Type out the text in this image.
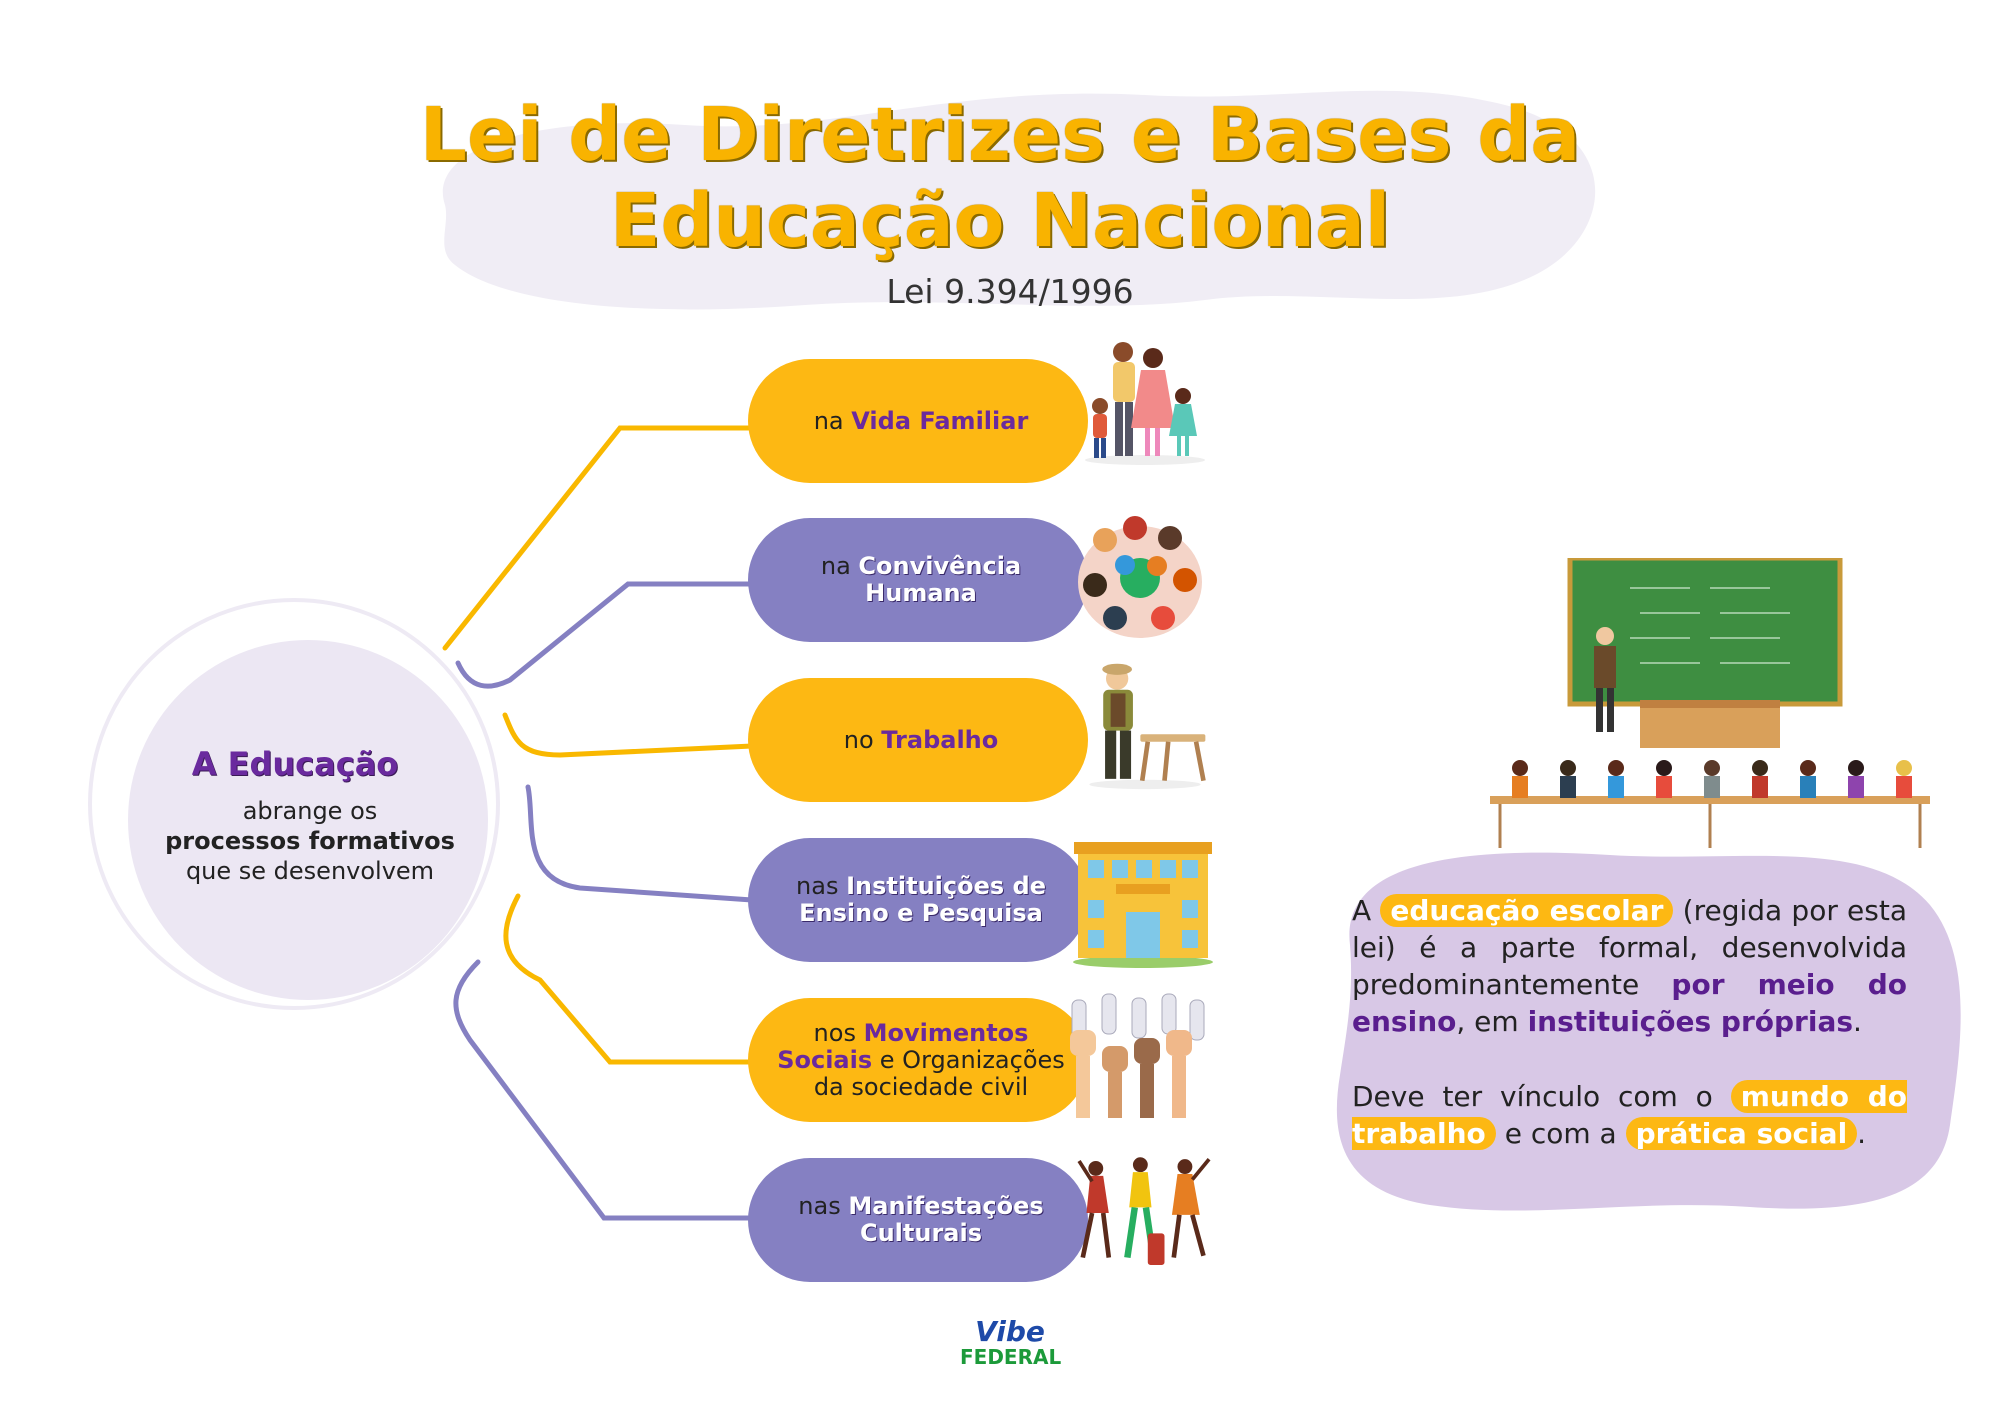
Lei de Diretrizes e Bases da
Educação Nacional
Lei 9.394/1996
A Educação
abrange os
processos formativos
que se desenvolvem
na Vida Familiar
na Convivência Humana
no Trabalho
nas Instituições de Ensino e Pesquisa
nos Movimentos Sociais e Organizações da sociedade civil
nas Manifestações Culturais

A educação escolar (regida por esta lei) é a parte formal, desenvolvida predominantemente por meio do ensino, em instituições próprias.

Deve ter vínculo com o mundo do trabalho e com a prática social .

Vibe
FEDERAL
